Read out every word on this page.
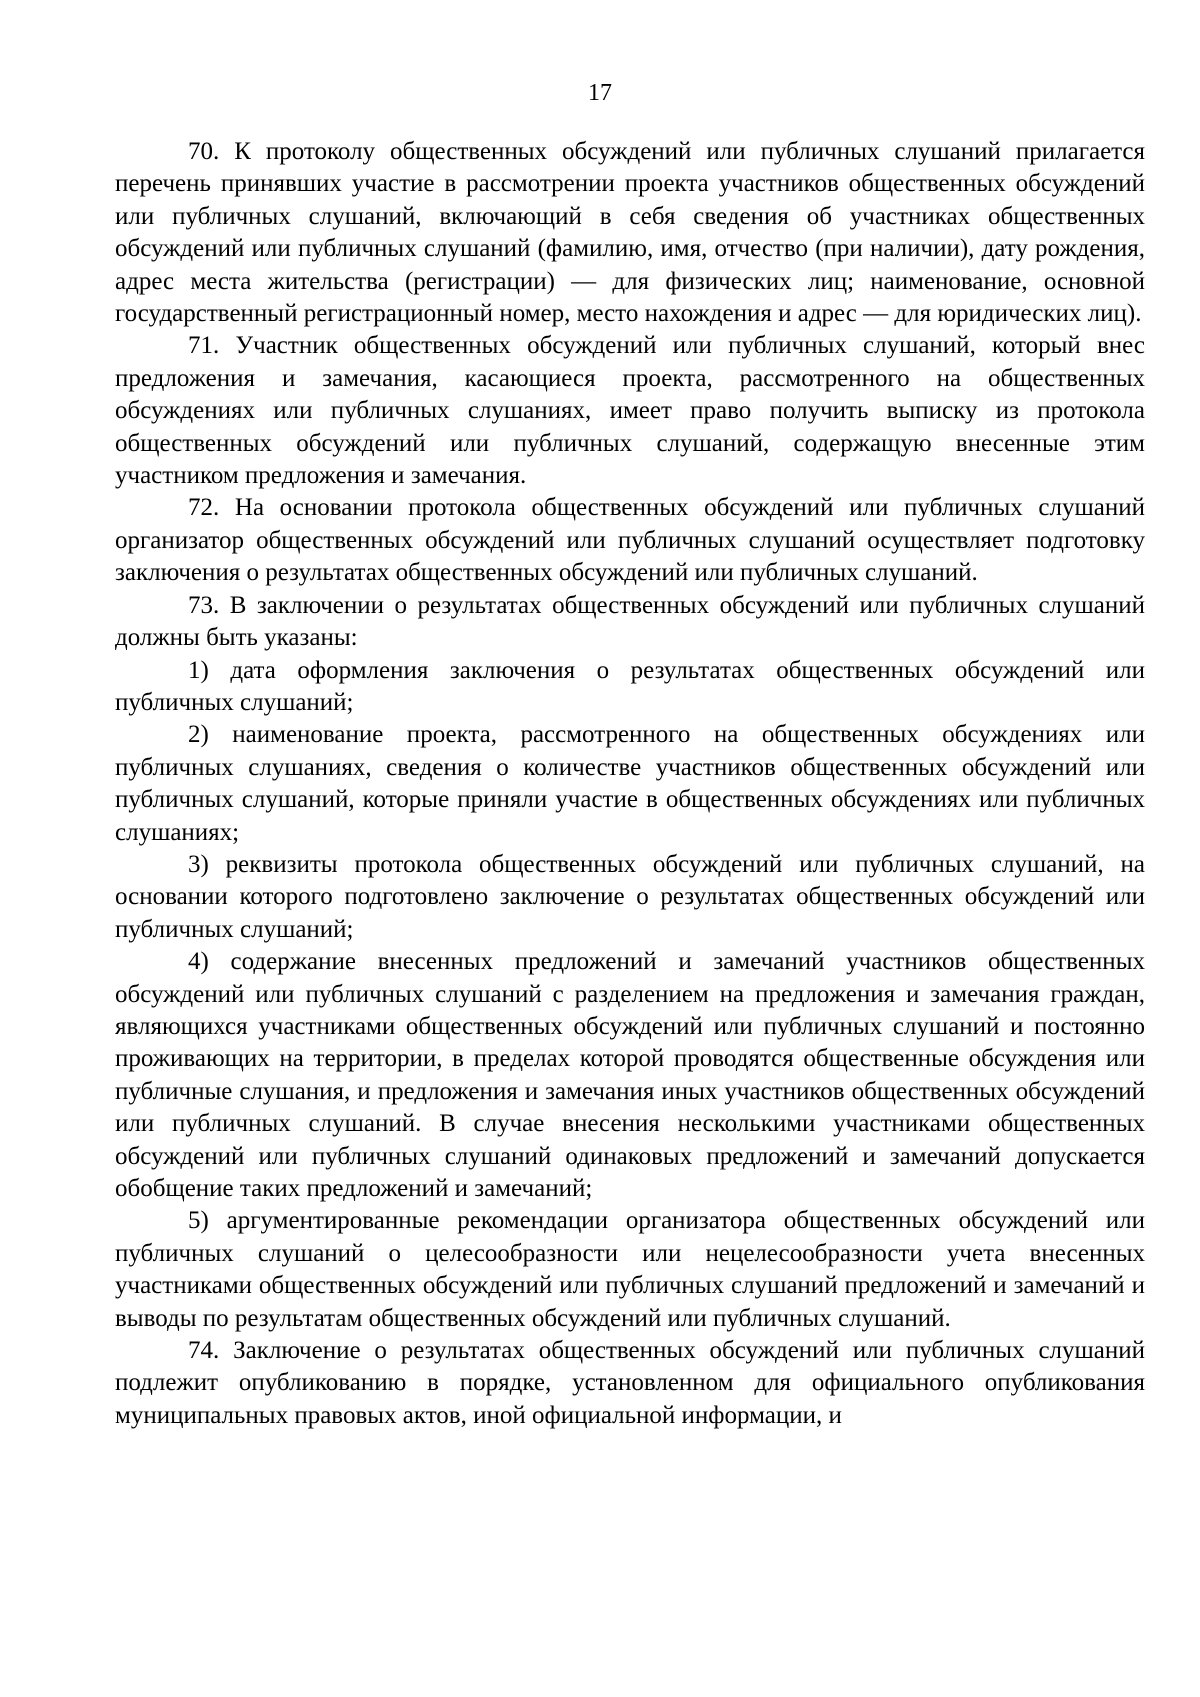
17

70. К протоколу общественных обсуждений или публичных слушаний прилагается перечень принявших участие в рассмотрении проекта участников общественных обсуждений или публичных слушаний, включающий в себя сведения об участниках общественных обсуждений или публичных слушаний (фамилию, имя, отчество (при наличии), дату рождения, адрес места жительства (регистрации) — для физических лиц; наименование, основной государственный регистрационный номер, место нахождения и адрес — для юридических лиц).

71. Участник общественных обсуждений или публичных слушаний, который внес предложения и замечания, касающиеся проекта, рассмотренного на общественных обсуждениях или публичных слушаниях, имеет право получить выписку из протокола общественных обсуждений или публичных слушаний, содержащую внесенные этим участником предложения и замечания.

72. На основании протокола общественных обсуждений или публичных слушаний организатор общественных обсуждений или публичных слушаний осуществляет подготовку заключения о результатах общественных обсуждений или публичных слушаний.

73. В заключении о результатах общественных обсуждений или публичных слушаний должны быть указаны:

1) дата оформления заключения о результатах общественных обсуждений или публичных слушаний;

2) наименование проекта, рассмотренного на общественных обсуждениях или публичных слушаниях, сведения о количестве участников общественных обсуждений или публичных слушаний, которые приняли участие в общественных обсуждениях или публичных слушаниях;

3) реквизиты протокола общественных обсуждений или публичных слушаний, на основании которого подготовлено заключение о результатах общественных обсуждений или публичных слушаний;

4) содержание внесенных предложений и замечаний участников общественных обсуждений или публичных слушаний с разделением на предложения и замечания граждан, являющихся участниками общественных обсуждений или публичных слушаний и постоянно проживающих на территории, в пределах которой проводятся общественные обсуждения или публичные слушания, и предложения и замечания иных участников общественных обсуждений или публичных слушаний. В случае внесения несколькими участниками общественных обсуждений или публичных слушаний одинаковых предложений и замечаний допускается обобщение таких предложений и замечаний;

5) аргументированные рекомендации организатора общественных обсуждений или публичных слушаний о целесообразности или нецелесообразности учета внесенных участниками общественных обсуждений или публичных слушаний предложений и замечаний и выводы по результатам общественных обсуждений или публичных слушаний.

74. Заключение о результатах общественных обсуждений или публичных слушаний подлежит опубликованию в порядке, установленном для официального опубликования муниципальных правовых актов, иной официальной информации, и
